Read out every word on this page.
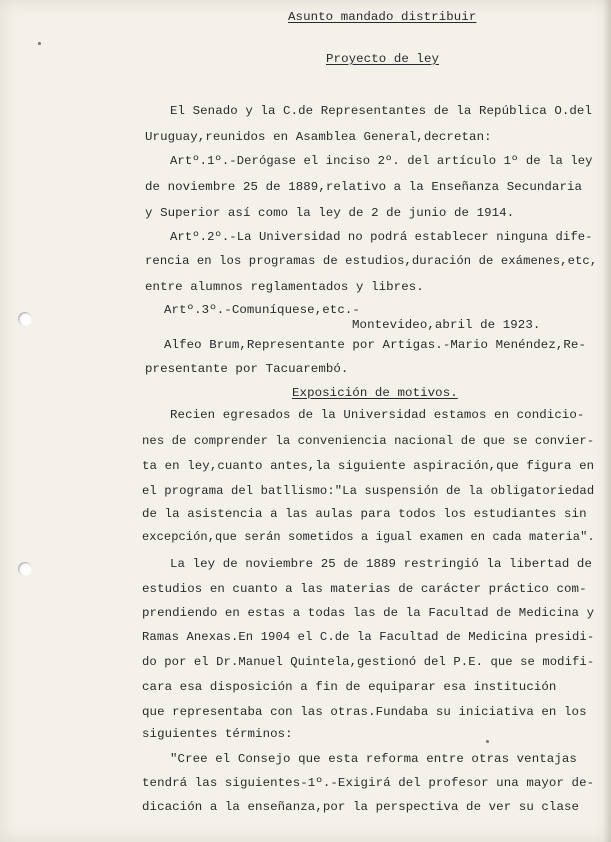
Asunto mandado distribuir
Proyecto de ley
El Senado y la C.de Representantes de la República O.del
Uruguay,reunidos en Asamblea General,decretan:
Artº.1º.-Derógase el inciso 2º. del artículo 1º de la ley
de noviembre 25 de 1889,relativo a la Enseñanza Secundaria
y Superior así como la ley de 2 de junio de 1914.
Artº.2º.-La Universidad no podrá establecer ninguna dife-
rencia en los programas de estudios,duración de exámenes,etc,
entre alumnos reglamentados y libres.
Artº.3º.-Comuníquese,etc.-
Montevideo,abril de 1923.
Alfeo Brum,Representante por Artigas.-Mario Menéndez,Re-
presentante por Tacuarembó.
Exposición de motivos.
Recien egresados de la Universidad estamos en condicio-
nes de comprender la conveniencia nacional de que se convier-
ta en ley,cuanto antes,la siguiente aspiración,que figura en
el programa del batllismo:"La suspensión de la obligatoriedad
de la asistencia a las aulas para todos los estudiantes sin
excepción,que serán sometidos a igual examen en cada materia".
La ley de noviembre 25 de 1889 restringió la libertad de
estudios en cuanto a las materias de carácter práctico com-
prendiendo en estas a todas las de la Facultad de Medicina y
Ramas Anexas.En 1904 el C.de la Facultad de Medicina presidi-
do por el Dr.Manuel Quintela,gestionó del P.E. que se modifi-
cara esa disposición a fin de equiparar esa institución
que representaba con las otras.Fundaba su iniciativa en los
siguientes términos:
"Cree el Consejo que esta reforma entre otras ventajas
tendrá las siguientes-1º.-Exigirá del profesor una mayor de-
dicación a la enseñanza,por la perspectiva de ver su clase
